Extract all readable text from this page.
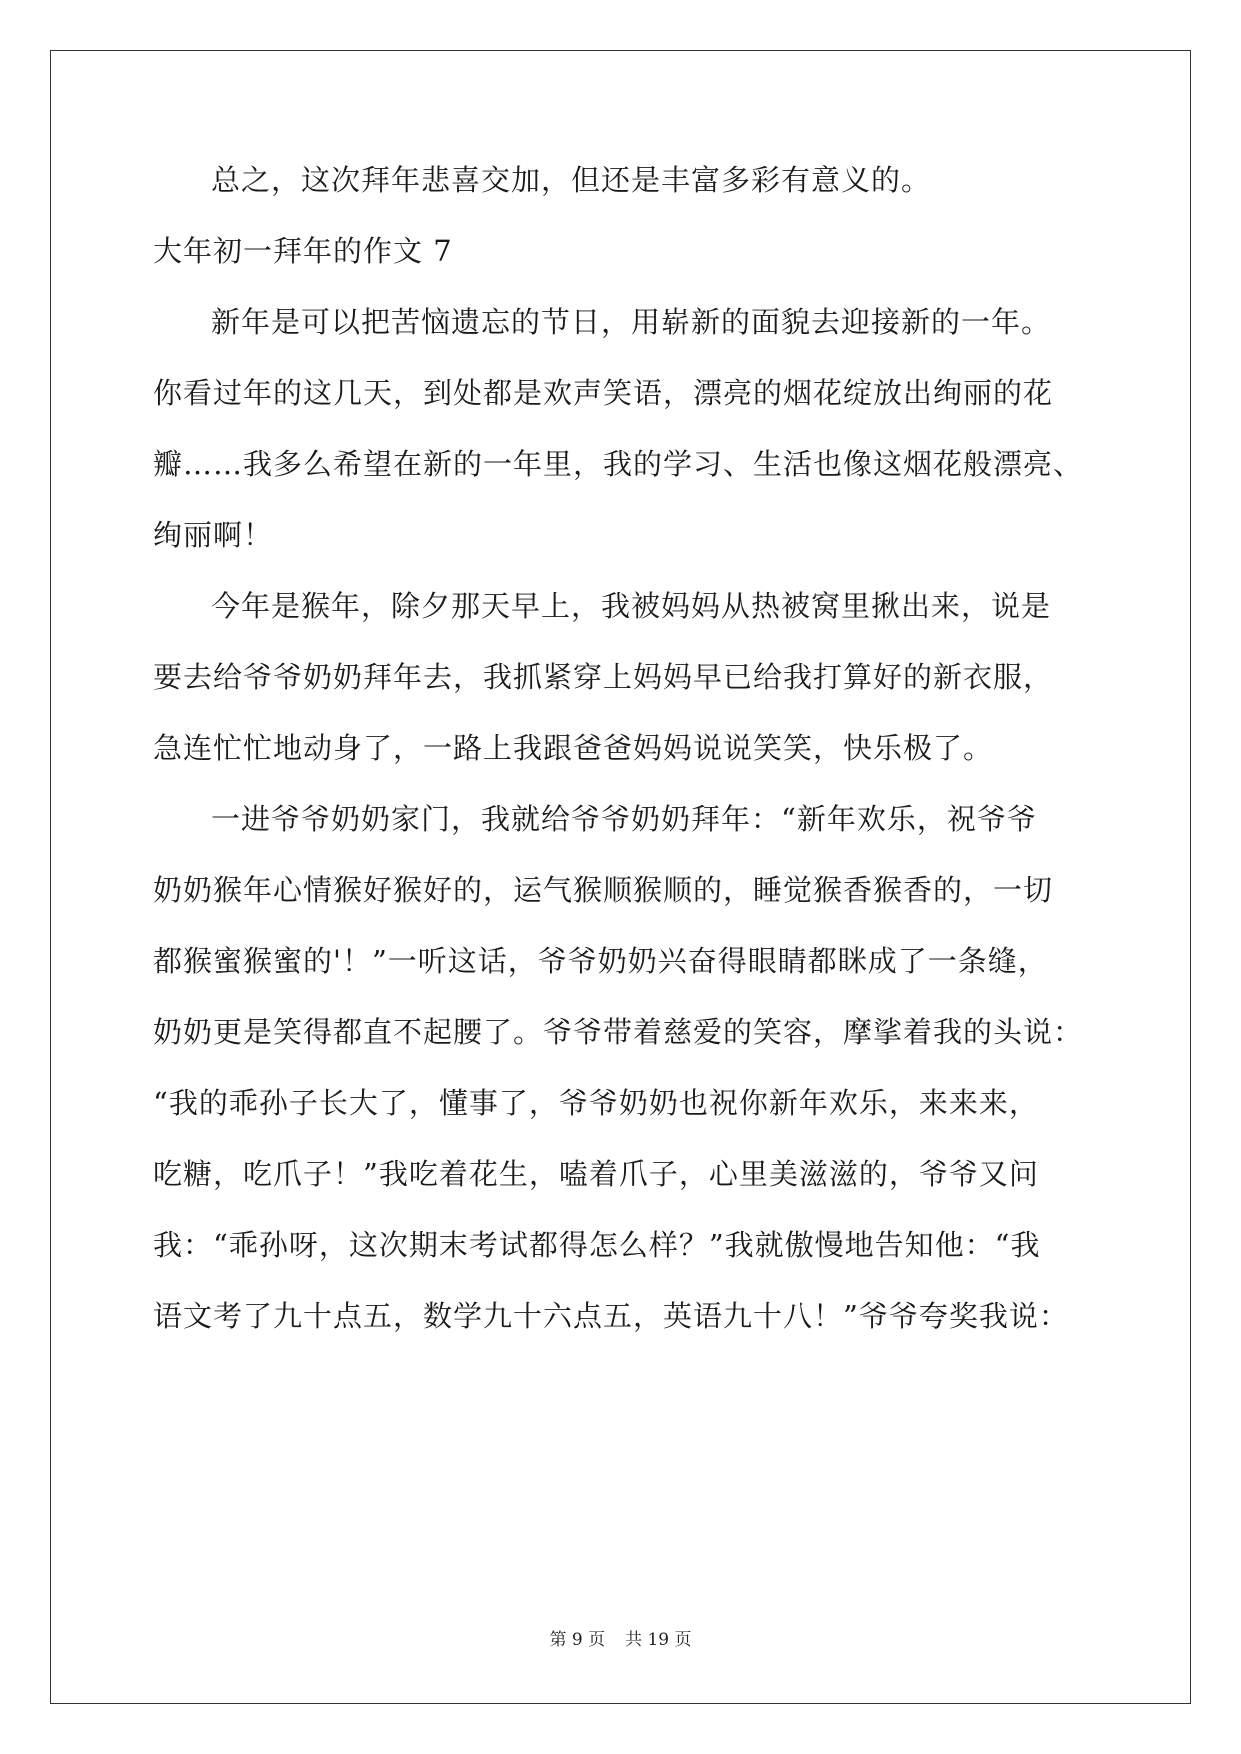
总之，这次拜年悲喜交加，但还是丰富多彩有意义的。
大年初一拜年的作文 7
新年是可以把苦恼遗忘的节日，用崭新的面貌去迎接新的一年。
你看过年的这几天，到处都是欢声笑语，漂亮的烟花绽放出绚丽的花
瓣……我多么希望在新的一年里，我的学习、生活也像这烟花般漂亮、
绚丽啊！
今年是猴年，除夕那天早上，我被妈妈从热被窝里揪出来，说是
要去给爷爷奶奶拜年去，我抓紧穿上妈妈早已给我打算好的新衣服，
急连忙忙地动身了，一路上我跟爸爸妈妈说说笑笑，快乐极了。
一进爷爷奶奶家门，我就给爷爷奶奶拜年：“新年欢乐，祝爷爷
奶奶猴年心情猴好猴好的，运气猴顺猴顺的，睡觉猴香猴香的，一切
都猴蜜猴蜜的'！”一听这话，爷爷奶奶兴奋得眼睛都眯成了一条缝，
奶奶更是笑得都直不起腰了。爷爷带着慈爱的笑容，摩挲着我的头说：
“我的乖孙子长大了，懂事了，爷爷奶奶也祝你新年欢乐，来来来，
吃糖，吃爪子！”我吃着花生，嗑着爪子，心里美滋滋的，爷爷又问
我：“乖孙呀，这次期末考试都得怎么样？”我就傲慢地告知他：“我
语文考了九十点五，数学九十六点五，英语九十八！”爷爷夸奖我说：
第 9 页 共 19 页
